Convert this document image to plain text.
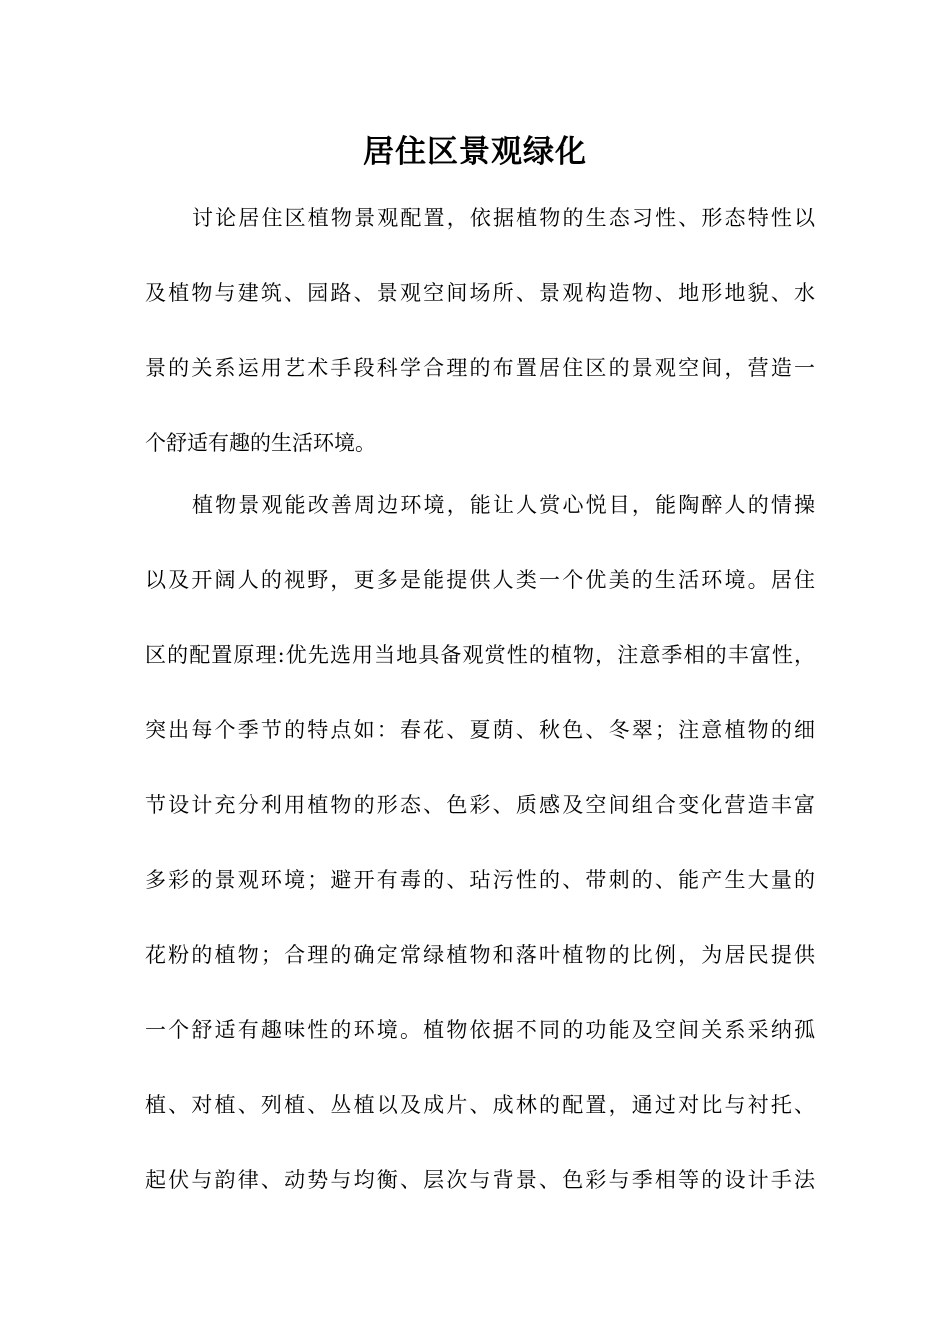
居住区景观绿化
讨论居住区植物景观配置，依据植物的生态习性、形态特性以
及植物与建筑、园路、景观空间场所、景观构造物、地形地貌、水
景的关系运用艺术手段科学合理的布置居住区的景观空间，营造一
个舒适有趣的生活环境。
植物景观能改善周边环境，能让人赏心悦目，能陶醉人的情操
以及开阔人的视野，更多是能提供人类一个优美的生活环境。居住
区的配置原理:优先选用当地具备观赏性的植物，注意季相的丰富性，
突出每个季节的特点如：春花、夏荫、秋色、冬翠；注意植物的细
节设计充分利用植物的形态、色彩、质感及空间组合变化营造丰富
多彩的景观环境；避开有毒的、玷污性的、带刺的、能产生大量的
花粉的植物；合理的确定常绿植物和落叶植物的比例，为居民提供
一个舒适有趣味性的环境。植物依据不同的功能及空间关系采纳孤
植、对植、列植、丛植以及成片、成林的配置，通过对比与衬托、
起伏与韵律、动势与均衡、层次与背景、色彩与季相等的设计手法
